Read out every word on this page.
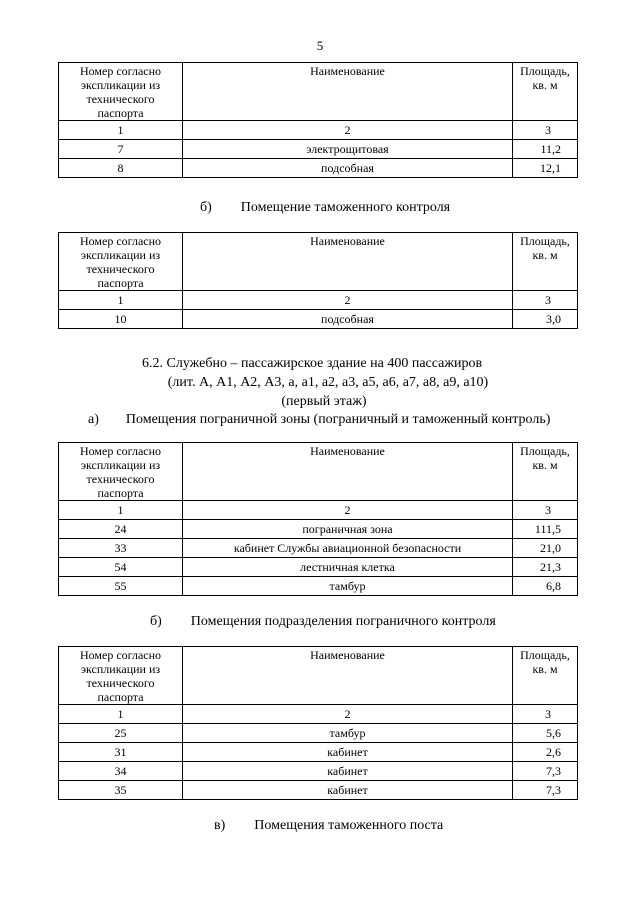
5
Номер согласно экспликации из технического паспорта	Наименование	Площадь, кв. м
1	2	3
7	электрощитовая	11,2
8	подсобная	12,1
б) Помещение таможенного контроля
Номер согласно экспликации из технического паспорта	Наименование	Площадь, кв. м
1	2	3
10	подсобная	3,0
6.2. Служебно – пассажирское здание на 400 пассажиров
(лит. А, А1, А2, А3, а, а1, а2, а3, а5, а6, а7, а8, а9, а10)
(первый этаж)
а) Помещения пограничной зоны (пограничный и таможенный контроль)
Номер согласно экспликации из технического паспорта	Наименование	Площадь, кв. м
1	2	3
24	пограничная зона	111,5
33	кабинет Службы авиационной безопасности	21,0
54	лестничная клетка	21,3
55	тамбур	6,8
б) Помещения подразделения пограничного контроля
Номер согласно экспликации из технического паспорта	Наименование	Площадь, кв. м
1	2	3
25	тамбур	5,6
31	кабинет	2,6
34	кабинет	7,3
35	кабинет	7,3
в) Помещения таможенного поста
